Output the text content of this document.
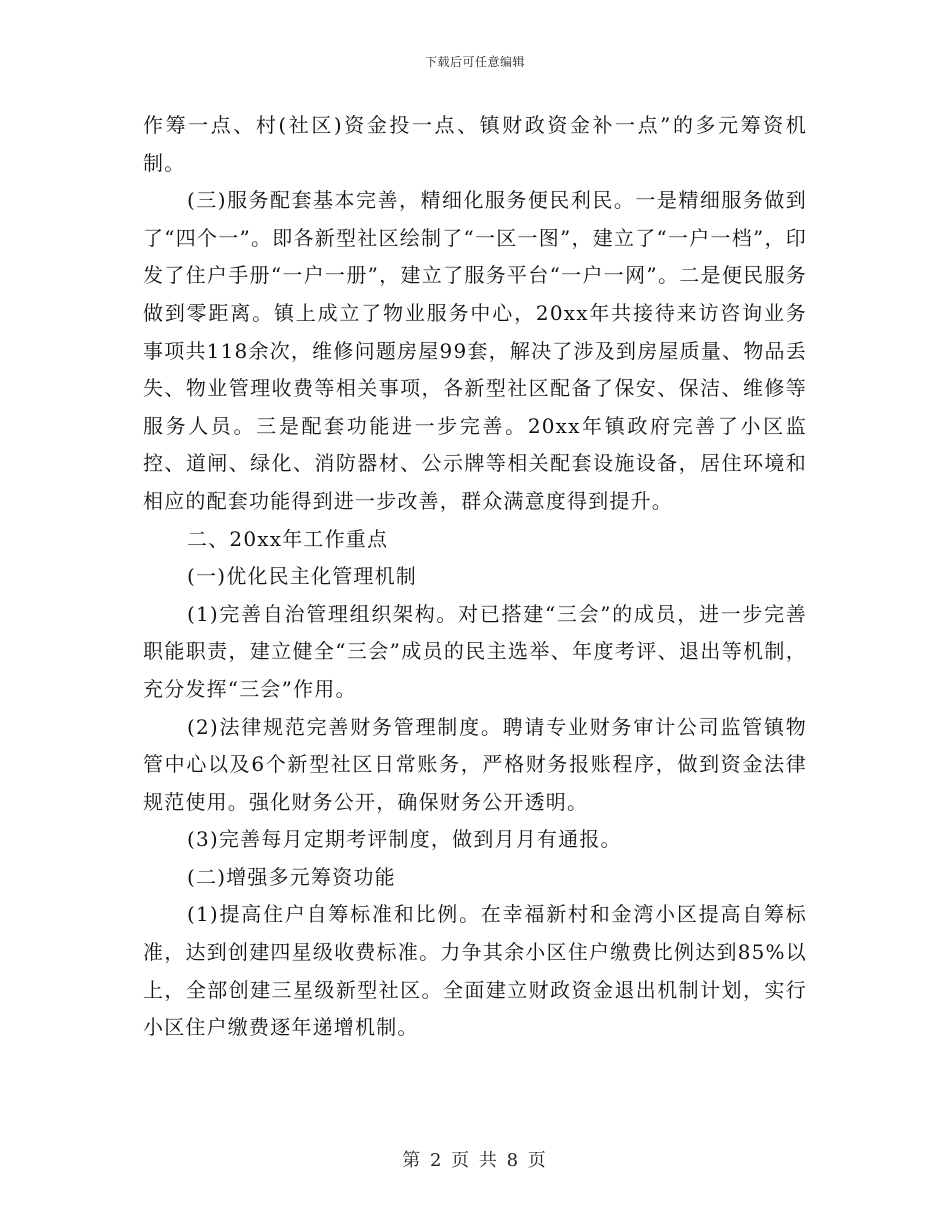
下载后可任意编辑

作筹一点、村(社区)资金投一点、镇财政资金补一点”的多元筹资机制。

(三)服务配套基本完善，精细化服务便民利民。一是精细服务做到了“四个一”。即各新型社区绘制了“一区一图”，建立了“一户一档”，印发了住户手册“一户一册”，建立了服务平台“一户一网”。二是便民服务做到零距离。镇上成立了物业服务中心，20xx年共接待来访咨询业务事项共118余次，维修问题房屋99套，解决了涉及到房屋质量、物品丢失、物业管理收费等相关事项，各新型社区配备了保安、保洁、维修等服务人员。三是配套功能进一步完善。20xx年镇政府完善了小区监控、道闸、绿化、消防器材、公示牌等相关配套设施设备，居住环境和相应的配套功能得到进一步改善，群众满意度得到提升。

二、20xx年工作重点

(一)优化民主化管理机制

(1)完善自治管理组织架构。对已搭建“三会”的成员，进一步完善职能职责，建立健全“三会”成员的民主选举、年度考评、退出等机制，充分发挥“三会”作用。

(2)法律规范完善财务管理制度。聘请专业财务审计公司监管镇物管中心以及6个新型社区日常账务，严格财务报账程序，做到资金法律规范使用。强化财务公开，确保财务公开透明。

(3)完善每月定期考评制度，做到月月有通报。

(二)增强多元筹资功能

(1)提高住户自筹标准和比例。在幸福新村和金湾小区提高自筹标准，达到创建四星级收费标准。力争其余小区住户缴费比例达到85%以上，全部创建三星级新型社区。全面建立财政资金退出机制计划，实行小区住户缴费逐年递增机制。

第 2 页 共 8 页
